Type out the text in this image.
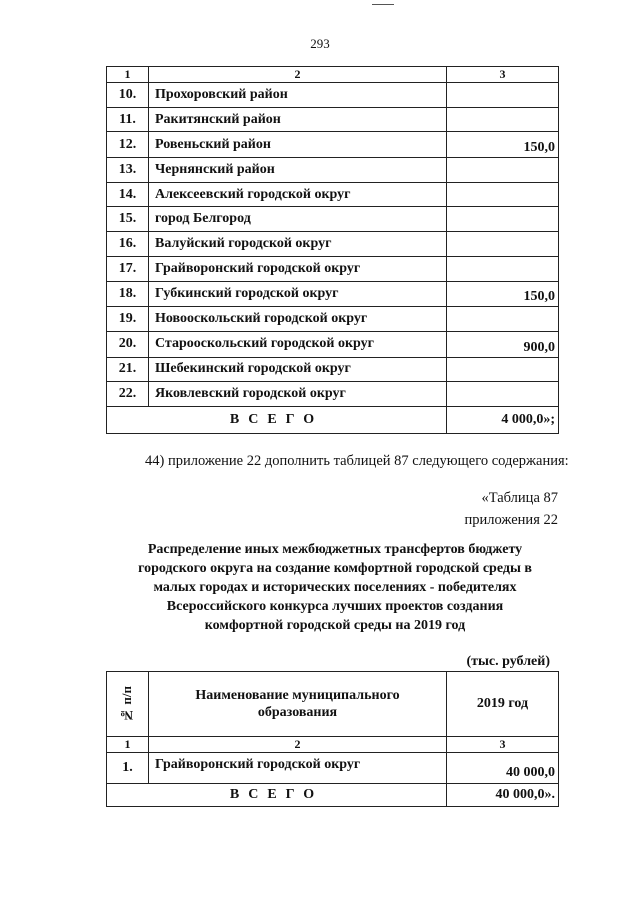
293
1	2	3
10.	Прохоровский район	
11.	Ракитянский район	
12.	Ровеньский район	150,0
13.	Чернянский район	
14.	Алексеевский городской округ	
15.	город Белгород	
16.	Валуйский городской округ	
17.	Грайворонский городской округ	
18.	Губкинский городской округ	150,0
19.	Новооскольский городской округ	
20.	Старооскольский городской округ	900,0
21.	Шебекинский городской округ	
22.	Яковлевский городской округ	
ВСЕГО		4 000,0»;
44) приложение 22 дополнить таблицей 87 следующего содержания:
«Таблица 87
приложения 22
Распределение иных межбюджетных трансфертов бюджету
городского округа на создание комфортной городской среды в
малых городах и исторических поселениях - победителях
Всероссийского конкурса лучших проектов создания
комфортной городской среды на 2019 год
(тыс. рублей)
№ п/п	Наименование муниципального образования	2019 год
1	2	3
1.	Грайворонский городской округ	40 000,0
ВСЕГО		40 000,0».
